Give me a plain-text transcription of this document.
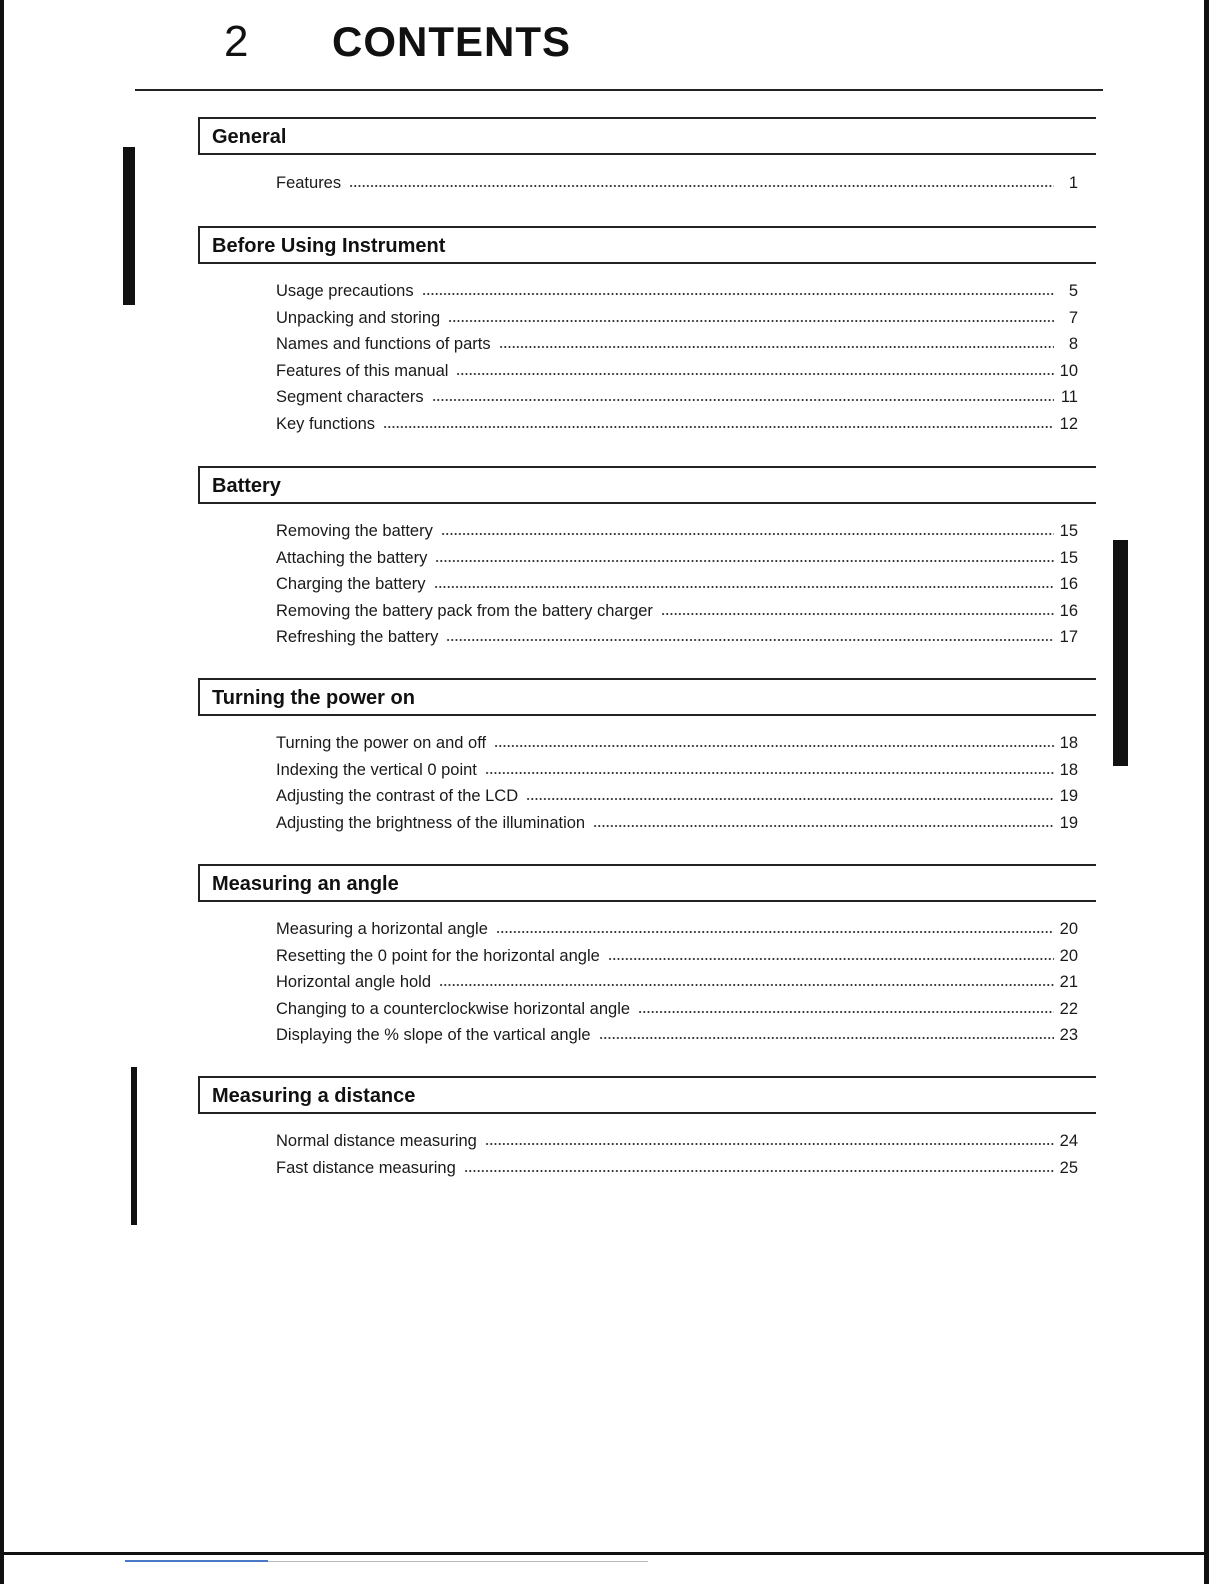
2 CONTENTS
General
Features	1
Before Using Instrument
Usage precautions	5
Unpacking and storing	7
Names and functions of parts	8
Features of this manual	10
Segment characters	11
Key functions	12
Battery
Removing the battery	15
Attaching the battery	15
Charging the battery	16
Removing the battery pack from the battery charger	16
Refreshing the battery	17
Turning the power on
Turning the power on and off	18
Indexing the vertical 0 point	18
Adjusting the contrast of the LCD	19
Adjusting the brightness of the illumination	19
Measuring an angle
Measuring a horizontal angle	20
Resetting the 0 point for the horizontal angle	20
Horizontal angle hold	21
Changing to a counterclockwise horizontal angle	22
Displaying the % slope of the vartical angle	23
Measuring a distance
Normal distance measuring	24
Fast distance measuring	25
